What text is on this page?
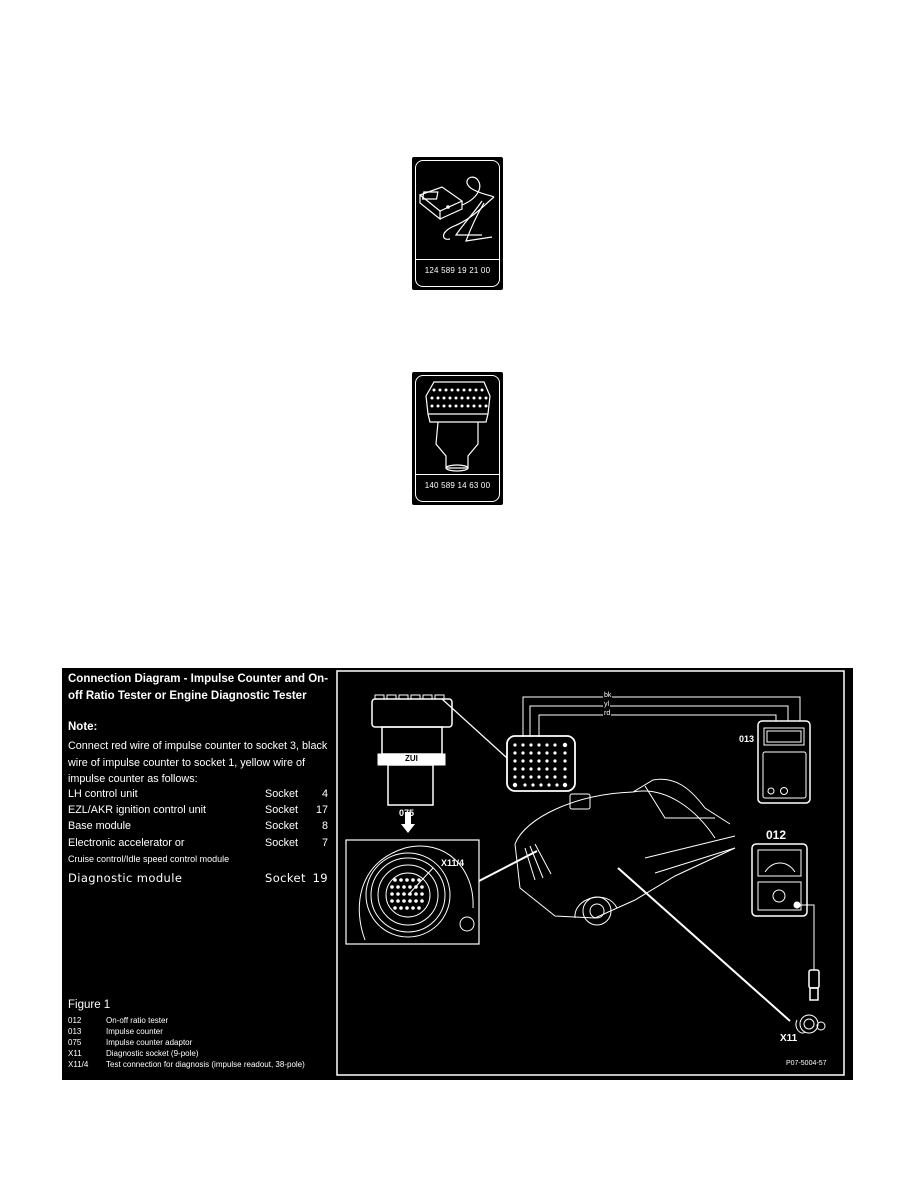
124 589 19 21 00
140 589 14 63 00
Connection Diagram - Impulse Counter and On-off Ratio Tester or Engine Diagnostic Tester
Note:
Connect red wire of impulse counter to socket 3, black wire of impulse counter to socket 1, yellow wire of impulse counter as follows:
LH control unit	Socket 4
EZL/AKR ignition control unit	Socket 17
Base module	Socket 8
Electronic accelerator or	Socket 7
Cruise control/Idle speed control module
Diagnostic module	Socket 19
Figure 1
012	On-off ratio tester
013	Impulse counter
075	Impulse counter adaptor
X11	Diagnostic socket (9-pole)
X11/4 Test connection for diagnosis (impulse readout, 38-pole)
bk
yl
rd
ZUI
013
075
012
X11/4
X11
P07-5004-57
